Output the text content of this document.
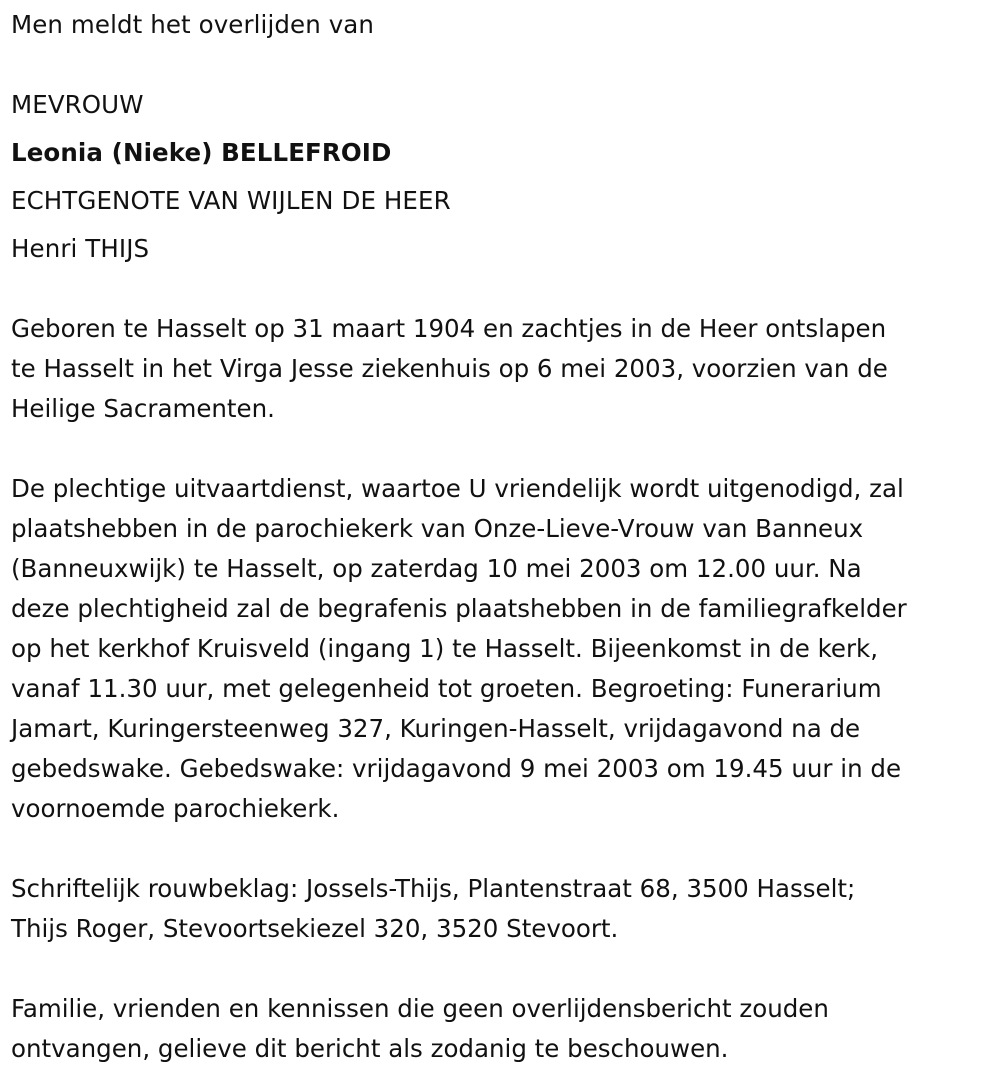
Men meldt het overlijden van
MEVROUW
Leonia (Nieke) BELLEFROID
ECHTGENOTE VAN WIJLEN DE HEER
Henri THIJS
Geboren te Hasselt op 31 maart 1904 en zachtjes in de Heer ontslapen
te Hasselt in het Virga Jesse ziekenhuis op 6 mei 2003, voorzien van de
Heilige Sacramenten.
De plechtige uitvaartdienst, waartoe U vriendelijk wordt uitgenodigd, zal
plaatshebben in de parochiekerk van Onze-Lieve-Vrouw van Banneux
(Banneuxwijk) te Hasselt, op zaterdag 10 mei 2003 om 12.00 uur. Na
deze plechtigheid zal de begrafenis plaatshebben in de familiegrafkelder
op het kerkhof Kruisveld (ingang 1) te Hasselt. Bijeenkomst in de kerk,
vanaf 11.30 uur, met gelegenheid tot groeten. Begroeting: Funerarium
Jamart, Kuringersteenweg 327, Kuringen-Hasselt, vrijdagavond na de
gebedswake. Gebedswake: vrijdagavond 9 mei 2003 om 19.45 uur in de
voornoemde parochiekerk.
Schriftelijk rouwbeklag: Jossels-Thijs, Plantenstraat 68, 3500 Hasselt;
Thijs Roger, Stevoortsekiezel 320, 3520 Stevoort.
Familie, vrienden en kennissen die geen overlijdensbericht zouden
ontvangen, gelieve dit bericht als zodanig te beschouwen.
